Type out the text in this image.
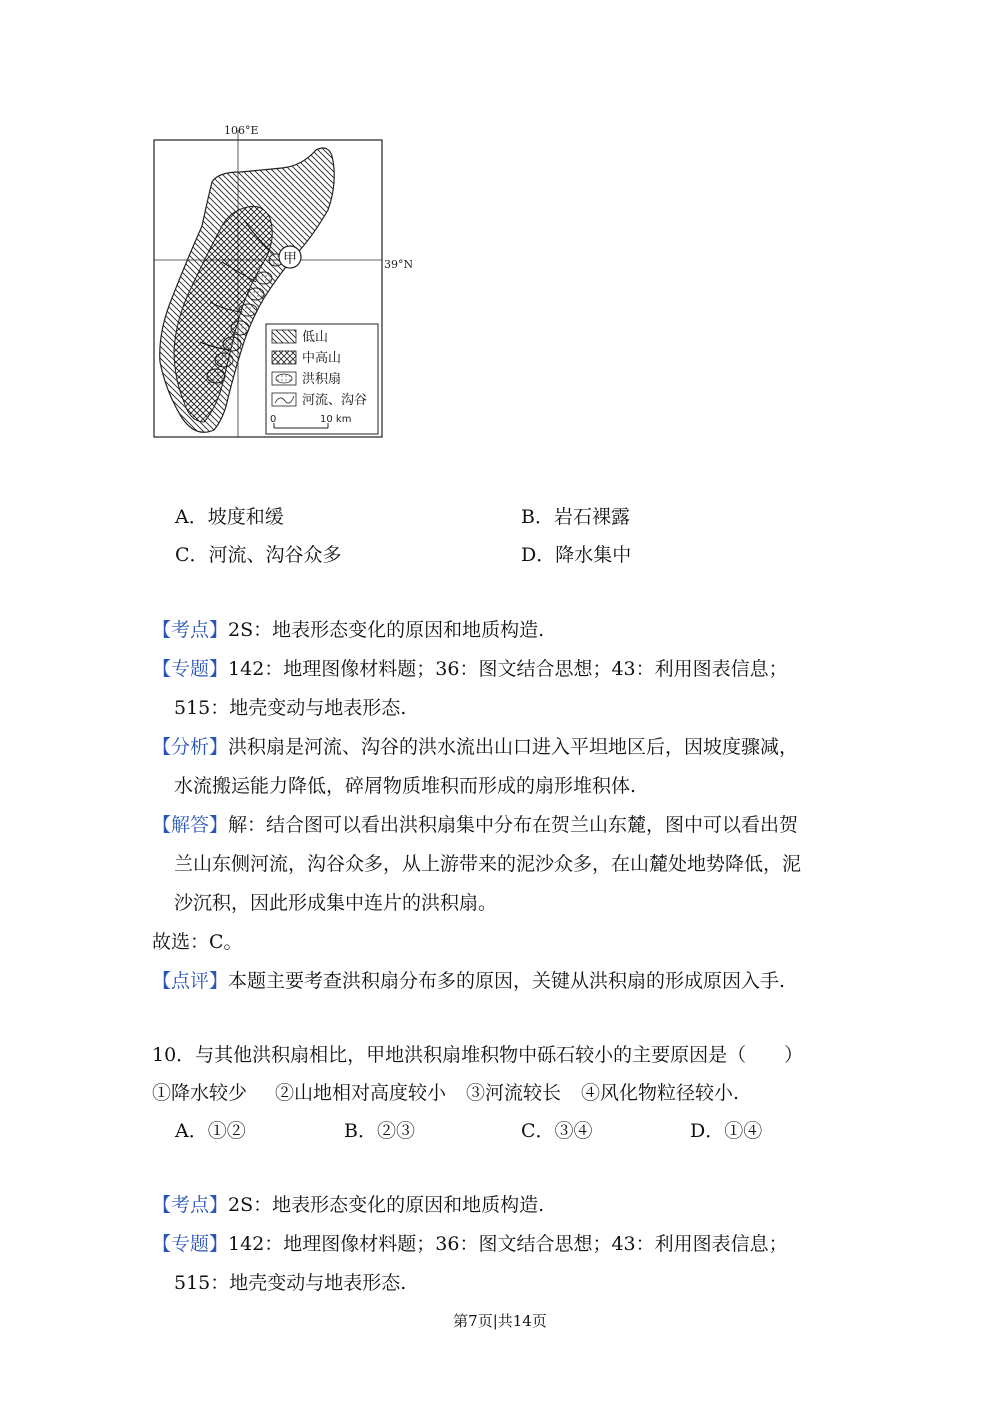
甲
106°E
39°N
低山
中高山
洪积扇
河流、沟谷
0	10 km
A．坡度和缓	B．岩石裸露
C．河流、沟谷众多	D．降水集中
【考点】2S：地表形态变化的原因和地质构造.
【专题】142：地理图像材料题；36：图文结合思想；43：利用图表信息；
515：地壳变动与地表形态.
【分析】洪积扇是河流、沟谷的洪水流出山口进入平坦地区后，因坡度骤减，
水流搬运能力降低，碎屑物质堆积而形成的扇形堆积体.
【解答】解：结合图可以看出洪积扇集中分布在贺兰山东麓，图中可以看出贺
兰山东侧河流，沟谷众多，从上游带来的泥沙众多，在山麓处地势降低，泥
沙沉积，因此形成集中连片的洪积扇。
故选：C。
【点评】本题主要考查洪积扇分布多的原因，关键从洪积扇的形成原因入手.
10．与其他洪积扇相比，甲地洪积扇堆积物中砾石较小的主要原因是（　　）
①降水较少 ②山地相对高度较小 ③河流较长 ④风化物粒径较小.
A．①②	B．②③	C．③④	D．①④
【考点】2S：地表形态变化的原因和地质构造.
【专题】142：地理图像材料题；36：图文结合思想；43：利用图表信息；
515：地壳变动与地表形态.
第7页|共14页
